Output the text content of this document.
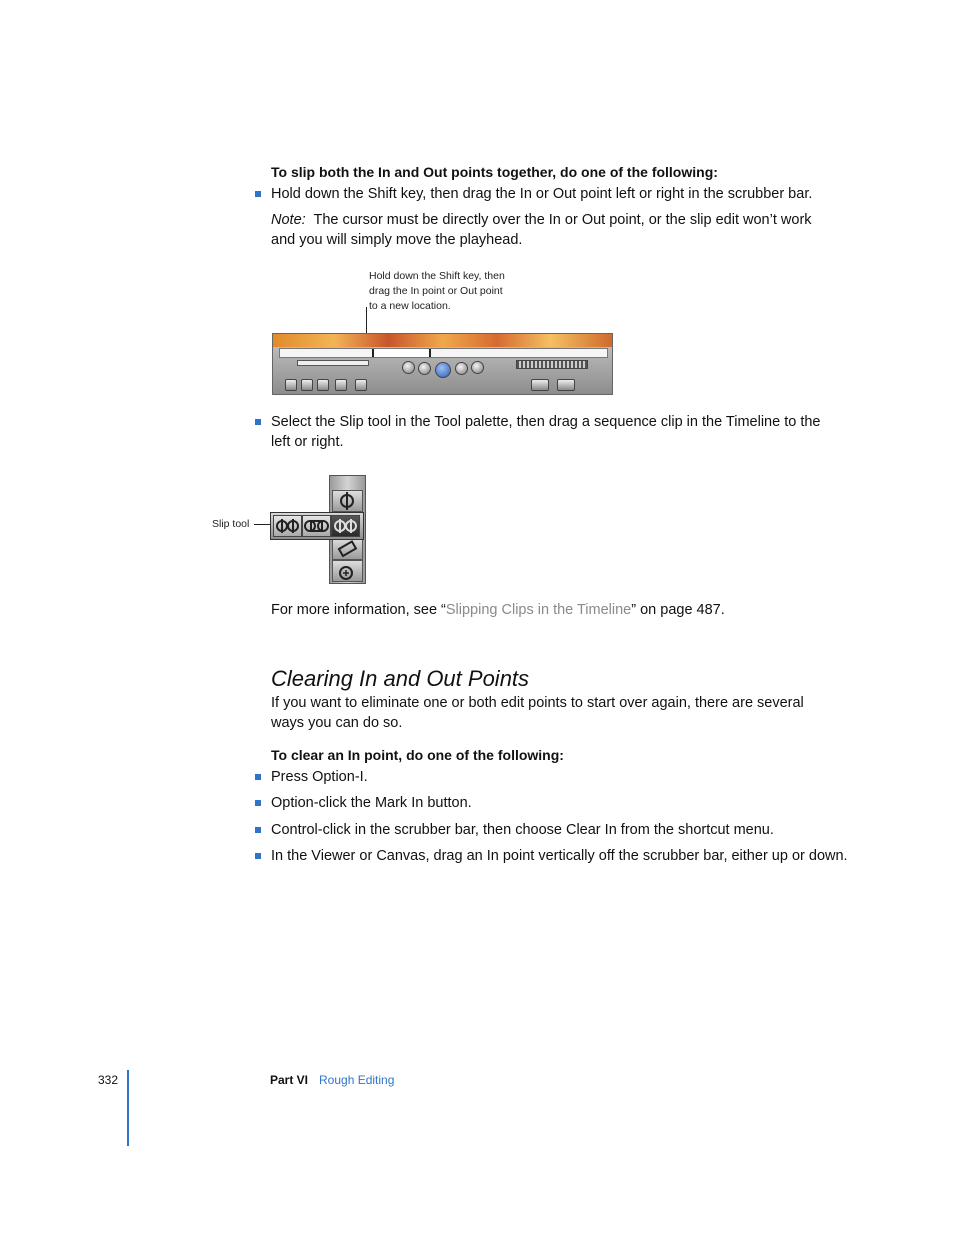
To slip both the In and Out points together, do one of the following:
Hold down the Shift key, then drag the In or Out point left or right in the scrubber bar.
Note: The cursor must be directly over the In or Out point, or the slip edit won’t work and you will simply move the playhead.
Hold down the Shift key, then
drag the In point or Out point
to a new location.
Select the Slip tool in the Tool palette, then drag a sequence clip in the Timeline to the left or right.
Slip tool
For more information, see “Slipping Clips in the Timeline” on page 487.
Clearing In and Out Points
If you want to eliminate one or both edit points to start over again, there are several ways you can do so.
To clear an In point, do one of the following:
Press Option-I.
Option-click the Mark In button.
Control-click in the scrubber bar, then choose Clear In from the shortcut menu.
In the Viewer or Canvas, drag an In point vertically off the scrubber bar, either up or down.
332	Part VI Rough Editing
